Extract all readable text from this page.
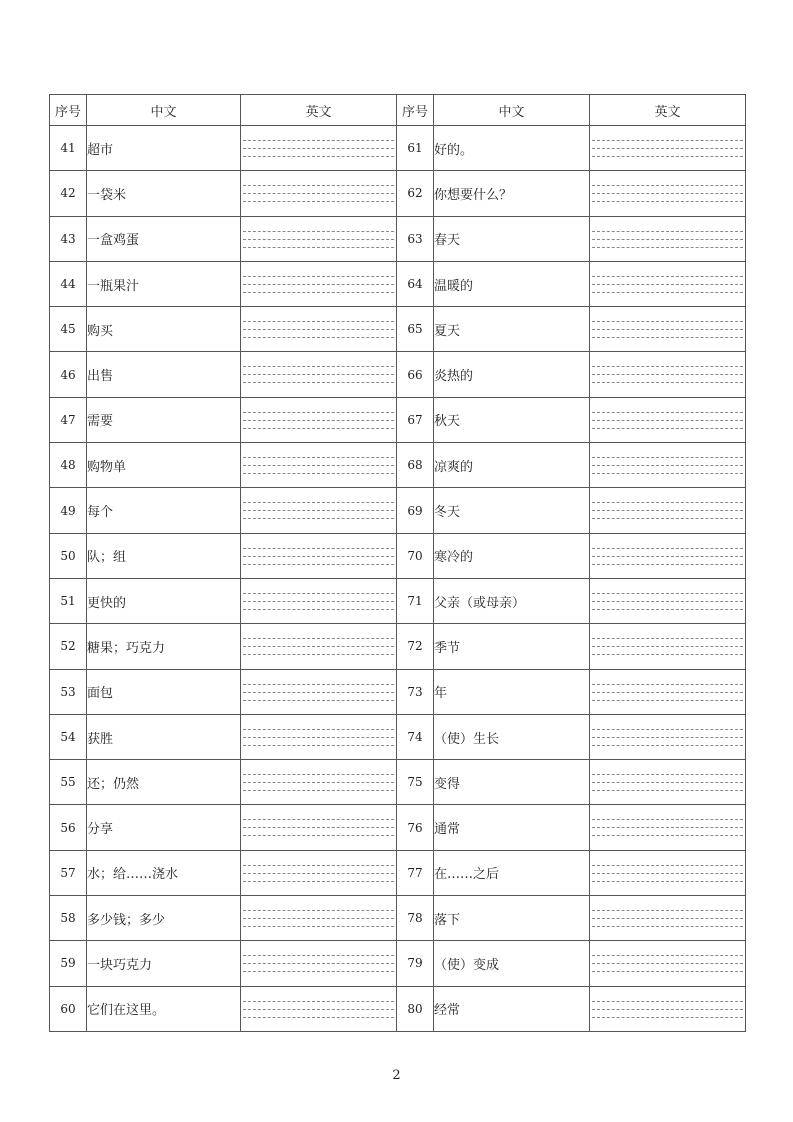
序号	中文	英文	序号	中文	英文
41	超市		61	好的。	

42	一袋米		62	你想要什么？	

43	一盒鸡蛋		63	春天	

44	一瓶果汁		64	温暖的	

45	购买		65	夏天	

46	出售		66	炎热的	

47	需要		67	秋天	

48	购物单		68	凉爽的	

49	每个		69	冬天	

50	队；组		70	寒冷的	

51	更快的		71	父亲（或母亲）	

52	糖果；巧克力		72	季节	

53	面包		73	年	

54	获胜		74	（使）生长	

55	还；仍然		75	变得	

56	分享		76	通常	

57	水；给……浇水		77	在……之后	

58	多少钱；多少		78	落下	

59	一块巧克力		79	（使）变成	

60	它们在这里。		80	经常	
2
